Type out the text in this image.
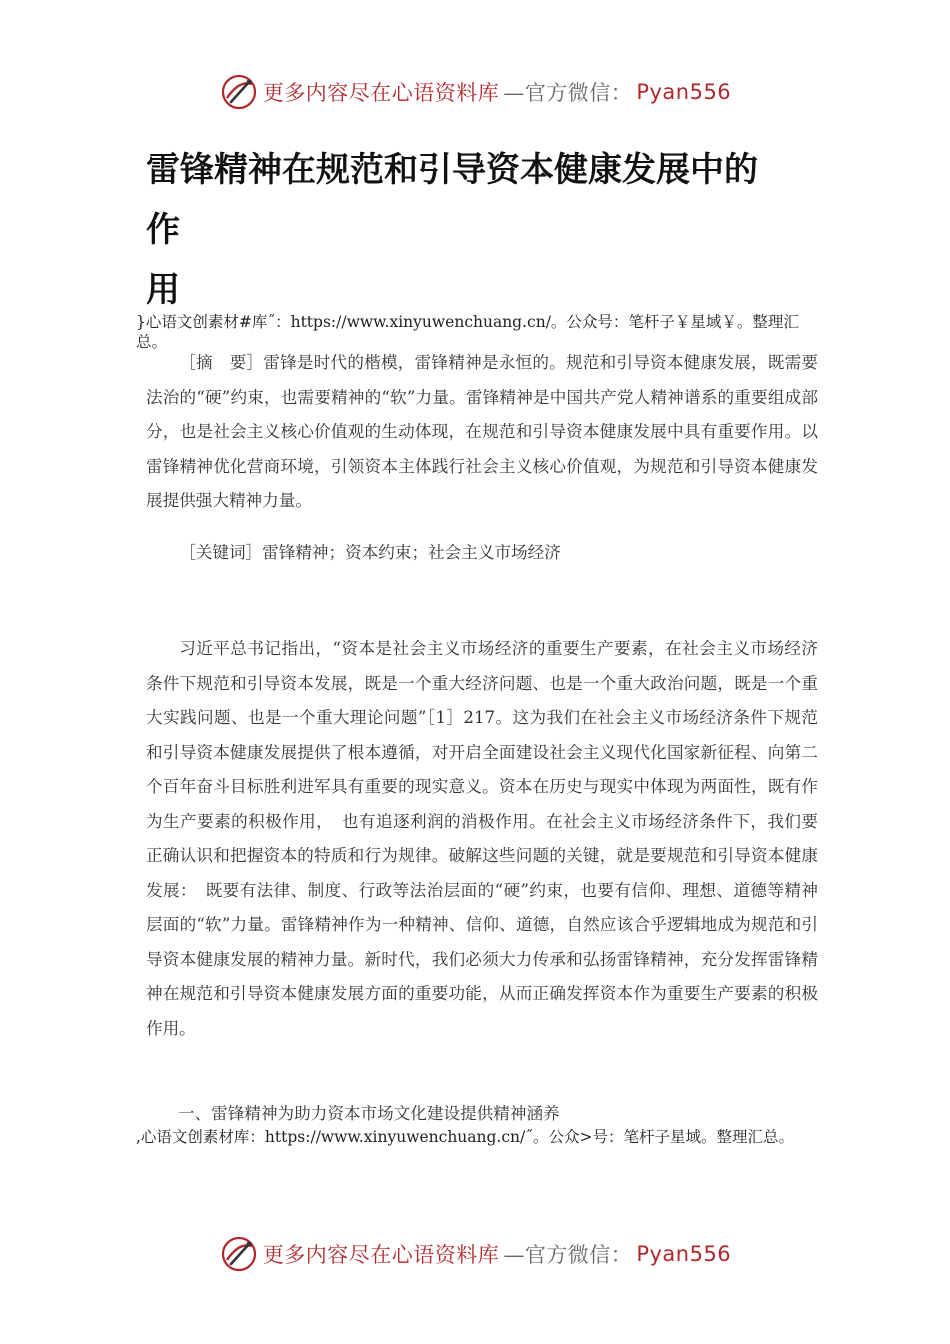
更多内容尽在心语资料库 —官方微信： Pyan556
雷锋精神在规范和引导资本健康发展中的
作
用
}心语文创素材#库˝：https://www.xinyuwenchuang.cn/。公众号：笔杆子￥星域￥。整理汇总。

［摘　要］雷锋是时代的楷模，雷锋精神是永恒的。规范和引导资本健康发展，既需要法治的“硬”约束，也需要精神的“软”力量。雷锋精神是中国共产党人精神谱系的重要组成部分，也是社会主义核心价值观的生动体现，在规范和引导资本健康发展中具有重要作用。以雷锋精神优化营商环境，引领资本主体践行社会主义核心价值观，为规范和引导资本健康发展提供强大精神力量。

［关键词］雷锋精神；资本约束；社会主义市场经济

习近平总书记指出，“资本是社会主义市场经济的重要生产要素，在社会主义市场经济条件下规范和引导资本发展，既是一个重大经济问题、也是一个重大政治问题，既是一个重大实践问题、也是一个重大理论问题”［1］217。这为我们在社会主义市场经济条件下规范和引导资本健康发展提供了根本遵循，对开启全面建设社会主义现代化国家新征程、向第二个百年奋斗目标胜利进军具有重要的现实意义。资本在历史与现实中体现为两面性，既有作为生产要素的积极作用，　也有追逐利润的消极作用。在社会主义市场经济条件下，我们要正确认识和把握资本的特质和行为规律。破解这些问题的关键，就是要规范和引导资本健康发展：　既要有法律、制度、行政等法治层面的“硬”约束，也要有信仰、理想、道德等精神层面的“软”力量。雷锋精神作为一种精神、信仰、道德，自然应该合乎逻辑地成为规范和引导资本健康发展的精神力量。新时代，我们必须大力传承和弘扬雷锋精神，充分发挥雷锋精神在规范和引导资本健康发展方面的重要功能，从而正确发挥资本作为重要生产要素的积极作用。

一、雷锋精神为助力资本市场文化建设提供精神涵养
,心语文创素材库：https://www.xinyuwenchuang.cn/˝。公众>号：笔杆子星域。整理汇总。
更多内容尽在心语资料库 —官方微信： Pyan556
